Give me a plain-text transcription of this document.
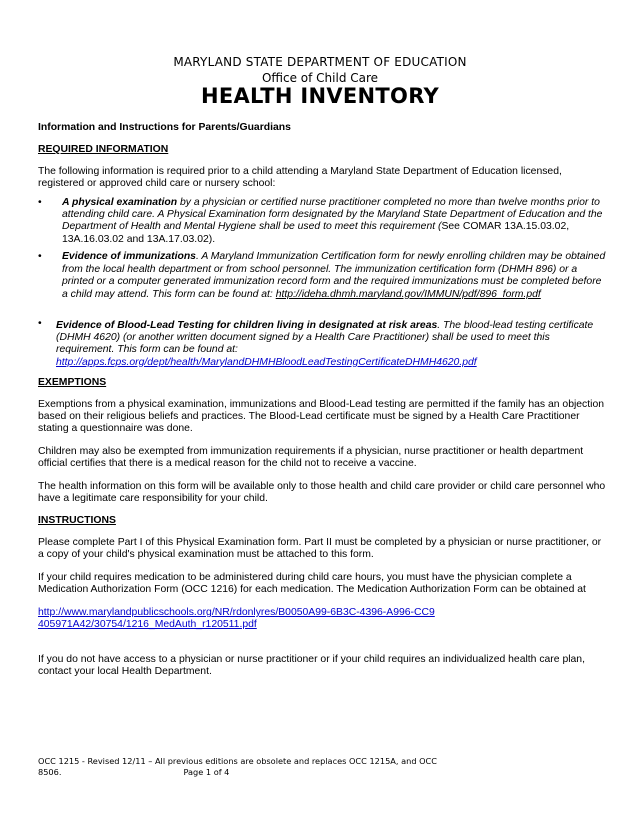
MARYLAND STATE DEPARTMENT OF EDUCATION
Office of Child Care
HEALTH INVENTORY
Information and Instructions for Parents/Guardians
REQUIRED INFORMATION
The following information is required prior to a child attending a Maryland State Department of Education licensed, registered or approved child care or nursery school:
• A physical examination by a physician or certified nurse practitioner completed no more than twelve months prior to attending child care. A Physical Examination form designated by the Maryland State Department of Education and the Department of Health and Mental Hygiene shall be used to meet this requirement (See COMAR 13A.15.03.02, 13A.16.03.02 and 13A.17.03.02).
• Evidence of immunizations. A Maryland Immunization Certification form for newly enrolling children may be obtained from the local health department or from school personnel. The immunization certification form (DHMH 896) or a printed or a computer generated immunization record form and the required immunizations must be completed before a child may attend. This form can be found at: http://ideha.dhmh.maryland.gov/IMMUN/pdf/896_form.pdf
• Evidence of Blood-Lead Testing for children living in designated at risk areas. The blood-lead testing certificate (DHMH 4620) (or another written document signed by a Health Care Practitioner) shall be used to meet this requirement. This form can be found at:
http://apps.fcps.org/dept/health/MarylandDHMHBloodLeadTestingCertificateDHMH4620.pdf
EXEMPTIONS
Exemptions from a physical examination, immunizations and Blood-Lead testing are permitted if the family has an objection based on their religious beliefs and practices. The Blood-Lead certificate must be signed by a Health Care Practitioner stating a questionnaire was done.
Children may also be exempted from immunization requirements if a physician, nurse practitioner or health department official certifies that there is a medical reason for the child not to receive a vaccine.
The health information on this form will be available only to those health and child care provider or child care personnel who have a legitimate care responsibility for your child.
INSTRUCTIONS
Please complete Part I of this Physical Examination form. Part II must be completed by a physician or nurse practitioner, or a copy of your child's physical examination must be attached to this form.
If your child requires medication to be administered during child care hours, you must have the physician complete a Medication Authorization Form (OCC 1216) for each medication. The Medication Authorization Form can be obtained at
http://www.marylandpublicschools.org/NR/rdonlyres/B0050A99-6B3C-4396-A996-CC9405971A42/30754/1216_MedAuth_r120511.pdf
If you do not have access to a physician or nurse practitioner or if your child requires an individualized health care plan, contact your local Health Department.
OCC 1215 - Revised 12/11 – All previous editions are obsolete and replaces OCC 1215A, and OCC 8506.	Page 1 of 4
